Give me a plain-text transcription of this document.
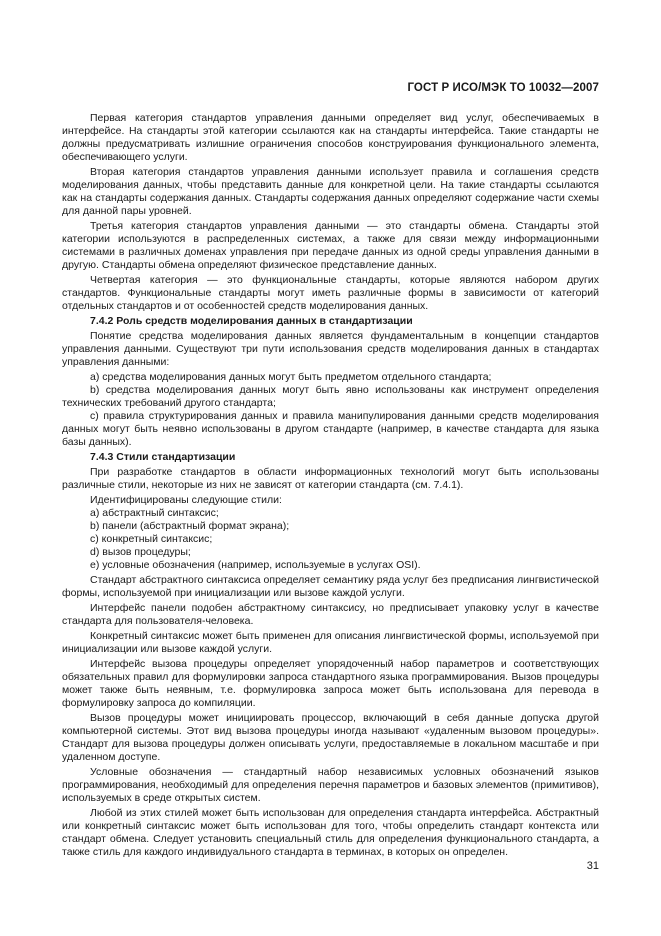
ГОСТ Р ИСО/МЭК ТО 10032—2007

Первая категория стандартов управления данными определяет вид услуг, обеспечиваемых в интерфейсе. На стандарты этой категории ссылаются как на стандарты интерфейса. Такие стандарты не должны предусматривать излишние ограничения способов конструирования функционального элемента, обеспечивающего услуги.

Вторая категория стандартов управления данными использует правила и соглашения средств моделирования данных, чтобы представить данные для конкретной цели. На такие стандарты ссылаются как на стандарты содержания данных. Стандарты содержания данных определяют содержание части схемы для данной пары уровней.

Третья категория стандартов управления данными — это стандарты обмена. Стандарты этой категории используются в распределенных системах, а также для связи между информационными системами в различных доменах управления при передаче данных из одной среды управления данными в другую. Стандарты обмена определяют физическое представление данных.

Четвертая категория — это функциональные стандарты, которые являются набором других стандартов. Функциональные стандарты могут иметь различные формы в зависимости от категорий отдельных стандартов и от особенностей средств моделирования данных.

7.4.2 Роль средств моделирования данных в стандартизации

Понятие средства моделирования данных является фундаментальным в концепции стандартов управления данными. Существуют три пути использования средств моделирования данных в стандартах управления данными:

a) средства моделирования данных могут быть предметом отдельного стандарта;

b) средства моделирования данных могут быть явно использованы как инструмент определения технических требований другого стандарта;

c) правила структурирования данных и правила манипулирования данными средств моделирования данных могут быть неявно использованы в другом стандарте (например, в качестве стандарта для языка базы данных).

7.4.3 Стили стандартизации

При разработке стандартов в области информационных технологий могут быть использованы различные стили, некоторые из них не зависят от категории стандарта (см. 7.4.1).

Идентифицированы следующие стили:

a) абстрактный синтаксис;

b) панели (абстрактный формат экрана);

c) конкретный синтаксис;

d) вызов процедуры;

e) условные обозначения (например, используемые в услугах OSI).

Стандарт абстрактного синтаксиса определяет семантику ряда услуг без предписания лингвистической формы, используемой при инициализации или вызове каждой услуги.

Интерфейс панели подобен абстрактному синтаксису, но предписывает упаковку услуг в качестве стандарта для пользователя-человека.

Конкретный синтаксис может быть применен для описания лингвистической формы, используемой при инициализации или вызове каждой услуги.

Интерфейс вызова процедуры определяет упорядоченный набор параметров и соответствующих обязательных правил для формулировки запроса стандартного языка программирования. Вызов процедуры может также быть неявным, т.е. формулировка запроса может быть использована для перевода в формулировку запроса до компиляции.

Вызов процедуры может инициировать процессор, включающий в себя данные допуска другой компьютерной системы. Этот вид вызова процедуры иногда называют «удаленным вызовом процедуры». Стандарт для вызова процедуры должен описывать услуги, предоставляемые в локальном масштабе и при удаленном доступе.

Условные обозначения — стандартный набор независимых условных обозначений языков программирования, необходимый для определения перечня параметров и базовых элементов (примитивов), используемых в среде открытых систем.

Любой из этих стилей может быть использован для определения стандарта интерфейса. Абстрактный или конкретный синтаксис может быть использован для того, чтобы определить стандарт контекста или стандарт обмена. Следует установить специальный стиль для определения функционального стандарта, а также стиль для каждого индивидуального стандарта в терминах, в которых он определен.

31
